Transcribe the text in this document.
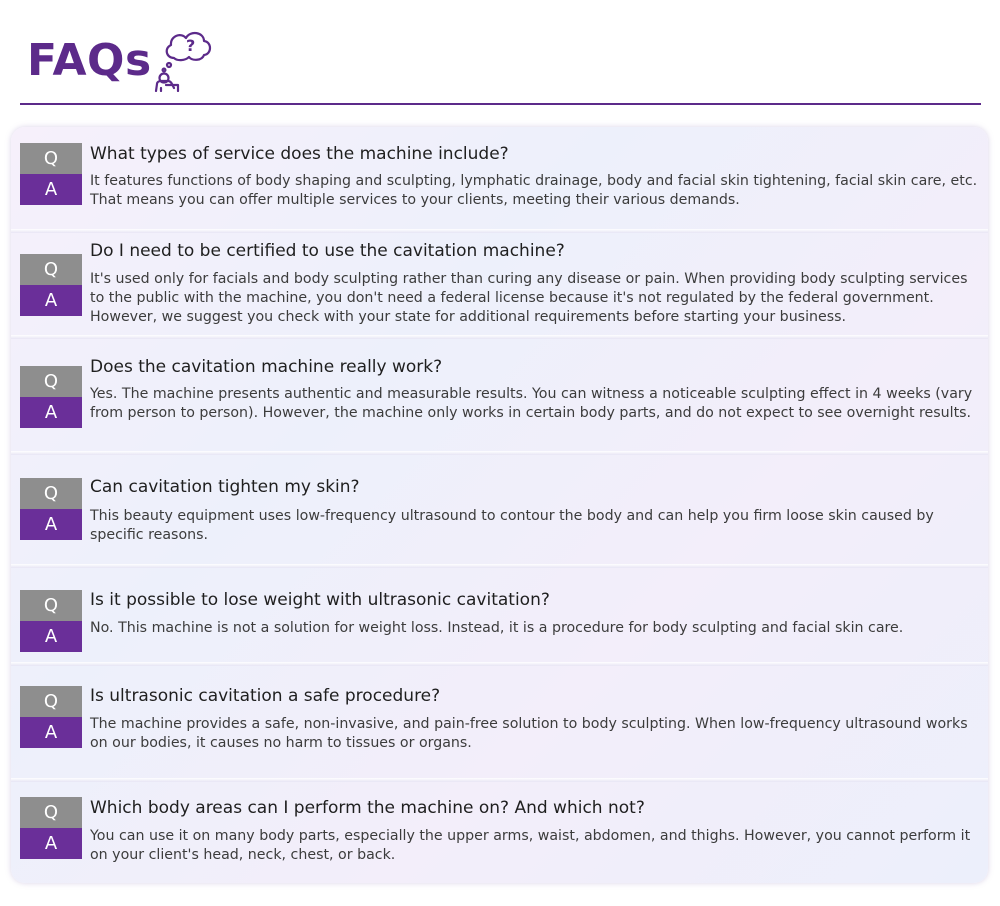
FAQs ?
Q
A
What types of service does the machine include?
It features functions of body shaping and sculpting, lymphatic drainage, body and facial skin tightening, facial skin care, etc. That means you can offer multiple services to your clients, meeting their various demands.
Q
A
Do I need to be certified to use the cavitation machine?
It's used only for facials and body sculpting rather than curing any disease or pain. When providing body sculpting services to the public with the machine, you don't need a federal license because it's not regulated by the federal government. However, we suggest you check with your state for additional requirements before starting your business.
Q
A
Does the cavitation machine really work?
Yes. The machine presents authentic and measurable results. You can witness a noticeable sculpting effect in 4 weeks (vary from person to person). However, the machine only works in certain body parts, and do not expect to see overnight results.
Q
A
Can cavitation tighten my skin?
This beauty equipment uses low-frequency ultrasound to contour the body and can help you firm loose skin caused by specific reasons.
Q
A
Is it possible to lose weight with ultrasonic cavitation?
No. This machine is not a solution for weight loss. Instead, it is a procedure for body sculpting and facial skin care.
Q
A
Is ultrasonic cavitation a safe procedure?
The machine provides a safe, non-invasive, and pain-free solution to body sculpting. When low-frequency ultrasound works on our bodies, it causes no harm to tissues or organs.
Q
A
Which body areas can I perform the machine on? And which not?
You can use it on many body parts, especially the upper arms, waist, abdomen, and thighs. However, you cannot perform it on your client's head, neck, chest, or back.
